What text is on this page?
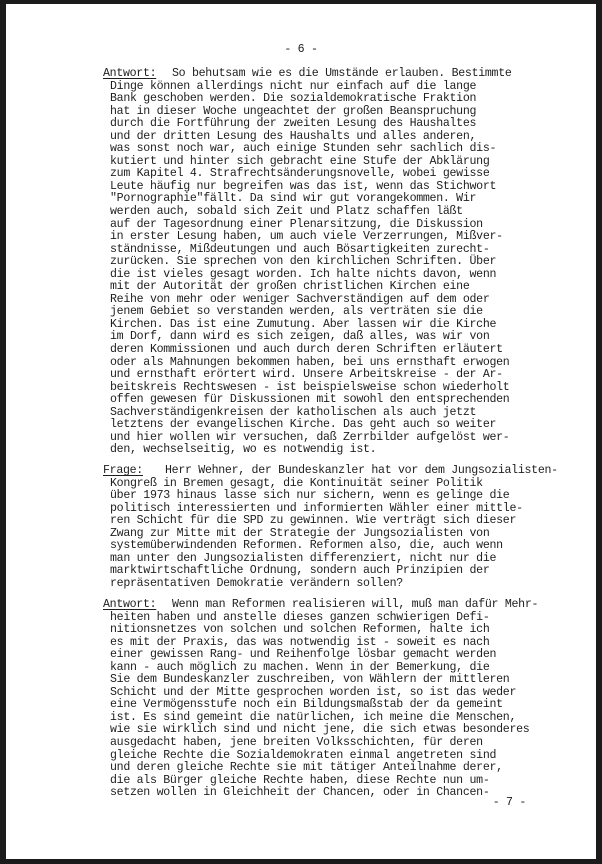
- 6 -
Antwort:	So behutsam wie es die Umstände erlauben. Bestimmte
Dinge können allerdings nicht nur einfach auf die lange
Bank geschoben werden. Die sozialdemokratische Fraktion
hat in dieser Woche ungeachtet der großen Beanspruchung
durch die Fortführung der zweiten Lesung des Haushaltes
und der dritten Lesung des Haushalts und alles anderen,
was sonst noch war, auch einige Stunden sehr sachlich dis-
kutiert und hinter sich gebracht eine Stufe der Abklärung
zum Kapitel 4. Strafrechtsänderungsnovelle, wobei gewisse
Leute häufig nur begreifen was das ist, wenn das Stichwort
"Pornographie"fällt. Da sind wir gut vorangekommen. Wir
werden auch, sobald sich Zeit und Platz schaffen läßt
auf der Tagesordnung einer Plenarsitzung, die Diskussion
in erster Lesung haben, um auch viele Verzerrungen, Mißver-
ständnisse, Mißdeutungen und auch Bösartigkeiten zurecht-
zurücken. Sie sprechen von den kirchlichen Schriften. Über
die ist vieles gesagt worden. Ich halte nichts davon, wenn
mit der Autorität der großen christlichen Kirchen eine
Reihe von mehr oder weniger Sachverständigen auf dem oder
jenem Gebiet so verstanden werden, als verträten sie die
Kirchen. Das ist eine Zumutung. Aber lassen wir die Kirche
im Dorf, dann wird es sich zeigen, daß alles, was wir von
deren Kommissionen und auch durch deren Schriften erläutert
oder als Mahnungen bekommen haben, bei uns ernsthaft erwogen
und ernsthaft erörtert wird. Unsere Arbeitskreise - der Ar-
beitskreis Rechtswesen - ist beispielsweise schon wiederholt
offen gewesen für Diskussionen mit sowohl den entsprechenden
Sachverständigenkreisen der katholischen als auch jetzt
letztens der evangelischen Kirche. Das geht auch so weiter
und hier wollen wir versuchen, daß Zerrbilder aufgelöst wer-
den, wechselseitig, wo es notwendig ist.
Frage:	Herr Wehner, der Bundeskanzler hat vor dem Jungsozialisten-
Kongreß in Bremen gesagt, die Kontinuität seiner Politik
über 1973 hinaus lasse sich nur sichern, wenn es gelinge die
politisch interessierten und informierten Wähler einer mittle-
ren Schicht für die SPD zu gewinnen. Wie verträgt sich dieser
Zwang zur Mitte mit der Strategie der Jungsozialisten von
systemüberwindenden Reformen. Reformen also, die, auch wenn
man unter den Jungsozialisten differenziert, nicht nur die
marktwirtschaftliche Ordnung, sondern auch Prinzipien der
repräsentativen Demokratie verändern sollen?
Antwort:	Wenn man Reformen realisieren will, muß man dafür Mehr-
heiten haben und anstelle dieses ganzen schwierigen Defi-
nitionsnetzes von solchen und solchen Reformen, halte ich
es mit der Praxis, das was notwendig ist - soweit es nach
einer gewissen Rang- und Reihenfolge lösbar gemacht werden
kann - auch möglich zu machen. Wenn in der Bemerkung, die
Sie dem Bundeskanzler zuschreiben, von Wählern der mittleren
Schicht und der Mitte gesprochen worden ist, so ist das weder
eine Vermögensstufe noch ein Bildungsmaßstab der da gemeint
ist. Es sind gemeint die natürlichen, ich meine die Menschen,
wie sie wirklich sind und nicht jene, die sich etwas besonderes
ausgedacht haben, jene breiten Volksschichten, für deren
gleiche Rechte die Sozialdemokraten einmal angetreten sind
und deren gleiche Rechte sie mit tätiger Anteilnahme derer,
die als Bürger gleiche Rechte haben, diese Rechte nun um-
setzen wollen in Gleichheit der Chancen, oder in Chancen-
- 7 -
